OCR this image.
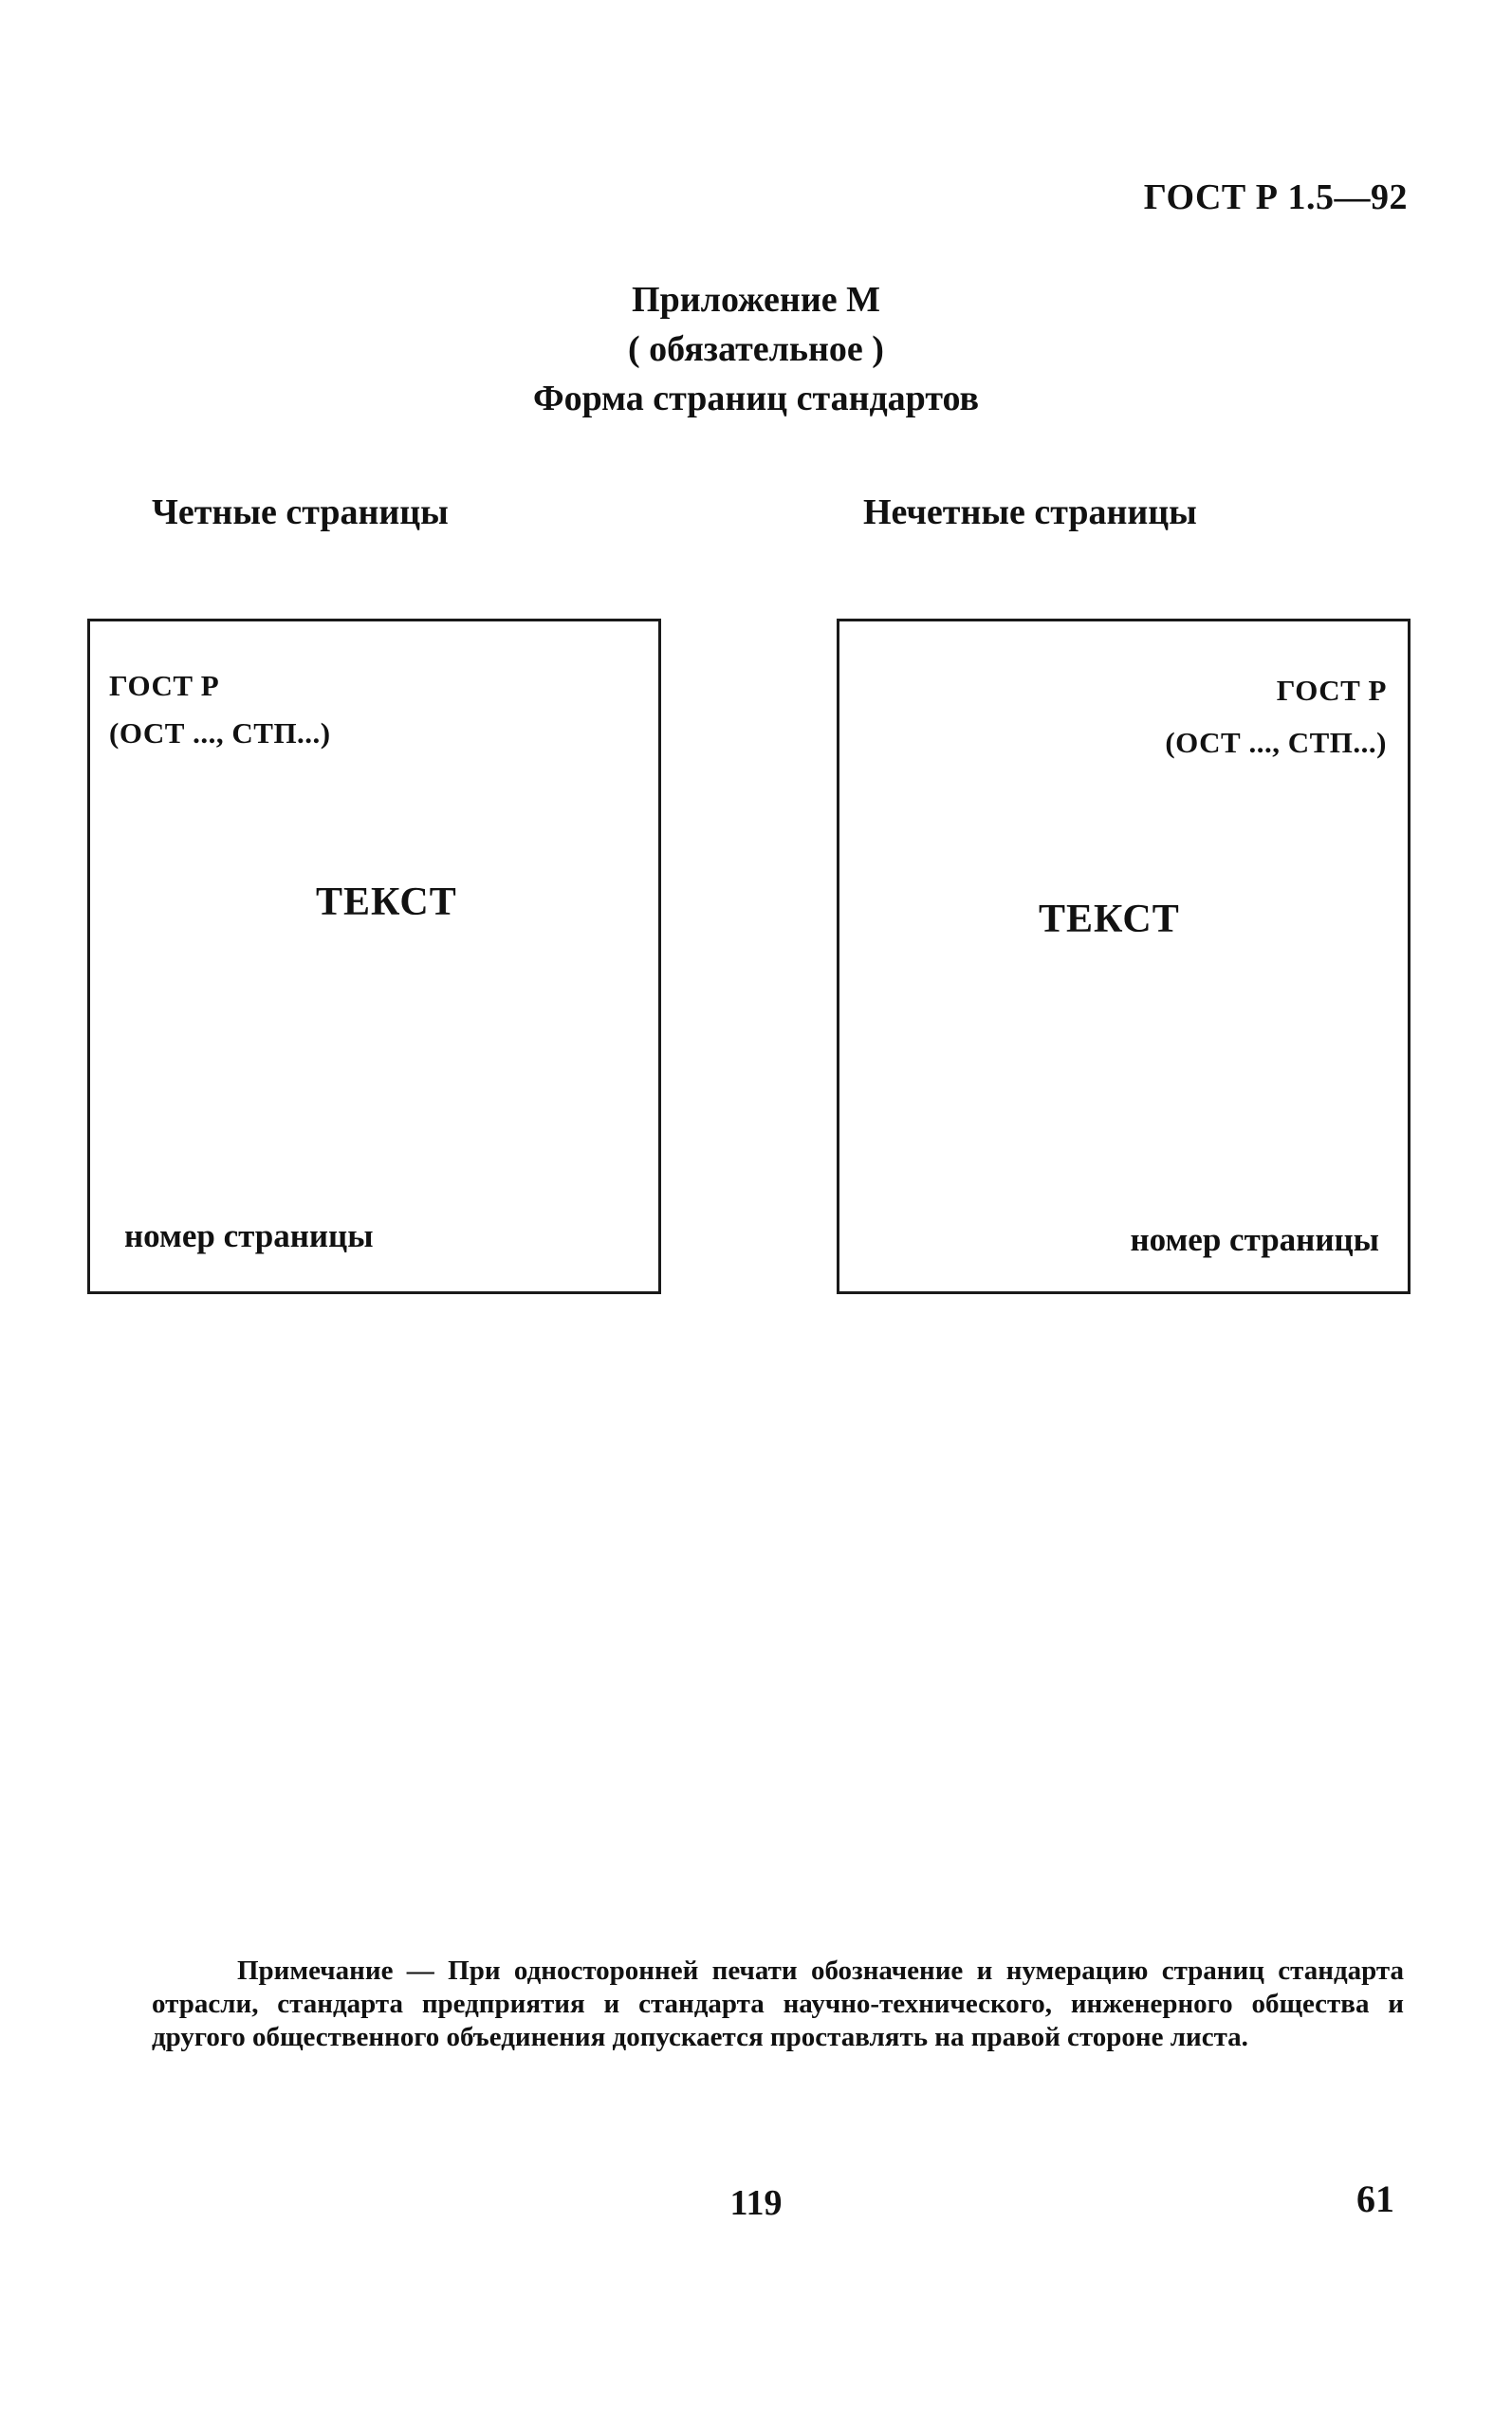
ГОСТ Р 1.5—92
Приложение М
( обязательное )
Форма страниц стандартов
Четные страницы	Нечетные страницы
ГОСТ Р
(ОСТ ..., СТП...)
ТЕКСТ
номер страницы
ГОСТ Р
(ОСТ ..., СТП...)
ТЕКСТ
номер страницы
Примечание — При односторонней печати обозначение и нумерацию страниц стандарта отрасли, стандарта предприятия и стандарта научно-технического, инженерного общества и другого общественного объединения допускается проставлять на правой стороне листа.
119	61
